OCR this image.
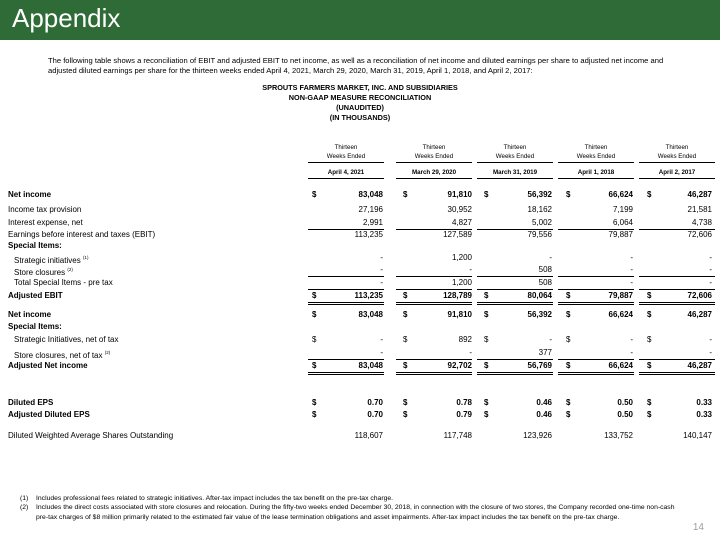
Appendix
The following table shows a reconciliation of EBIT and adjusted EBIT to net income, as well as a reconciliation of net income and diluted earnings per share to adjusted net income and adjusted diluted earnings per share for the thirteen weeks ended April 4, 2021, March 29, 2020, March 31, 2019, April 1, 2018, and April 2, 2017:
SPROUTS FARMERS MARKET, INC. AND SUBSIDIARIES
NON-GAAP MEASURE RECONCILIATION
(UNAUDITED)
(IN THOUSANDS)
Thirteen
Weeks Ended
April 4, 2021
Thirteen
Weeks Ended
March 29, 2020
Thirteen
Weeks Ended
March 31, 2019
Thirteen
Weeks Ended
April 1, 2018
Thirteen
Weeks Ended
April 2, 2017
Net income	$	83,048	$	91,810 $	56,392 $	66,624 $	46,287
Income tax provision	27,196	30,952	18,162	7,199	21,581
Interest expense, net	2,991	4,827	5,002	6,064	4,738
Earnings before interest and taxes (EBIT)	113,235	127,589	79,556	79,887	72,606
Special Items:
Strategic initiatives $^{(1)}$	-	1,200	-	-	-
Store closures $^{(2)}$	-	-	508	-	-
Total Special Items - pre tax	-	1,200	508	-	-
Adjusted EBIT	$	113,235	$	128,789 $	80,064 $	79,887 $	72,606
Net income	$	83,048	$	91,810 $	56,392 $	66,624 $	46,287
Special Items:
Strategic Initiatives, net of tax	$	-	$	892 $	- $	- $	-
Store closures, net of tax $^{(2)}$	-	-	377	-	-
Adjusted Net income	$	83,048	$	92,702 $	56,769 $	66,624 $	46,287
Diluted EPS	$	0.70	$	0.78 $	0.46 $	0.50 $	0.33
Adjusted Diluted EPS	$	0.70	$	0.79 $	0.46 $	0.50 $	0.33
Diluted Weighted Average Shares Outstanding	118,607	117,748	123,926	133,752	140,147
(1) Includes professional fees related to strategic initiatives. After-tax impact includes the tax benefit on the pre-tax charge.
(2) Includes the direct costs associated with store closures and relocation. During the fifty-two weeks ended December 30, 2018, in connection with the closure of two stores, the Company recorded one-time non-cash pre-tax charges of $8 million primarily related to the estimated fair value of the lease termination obligations and asset impairments. After-tax impact includes the tax benefit on the pre-tax charge.
14
